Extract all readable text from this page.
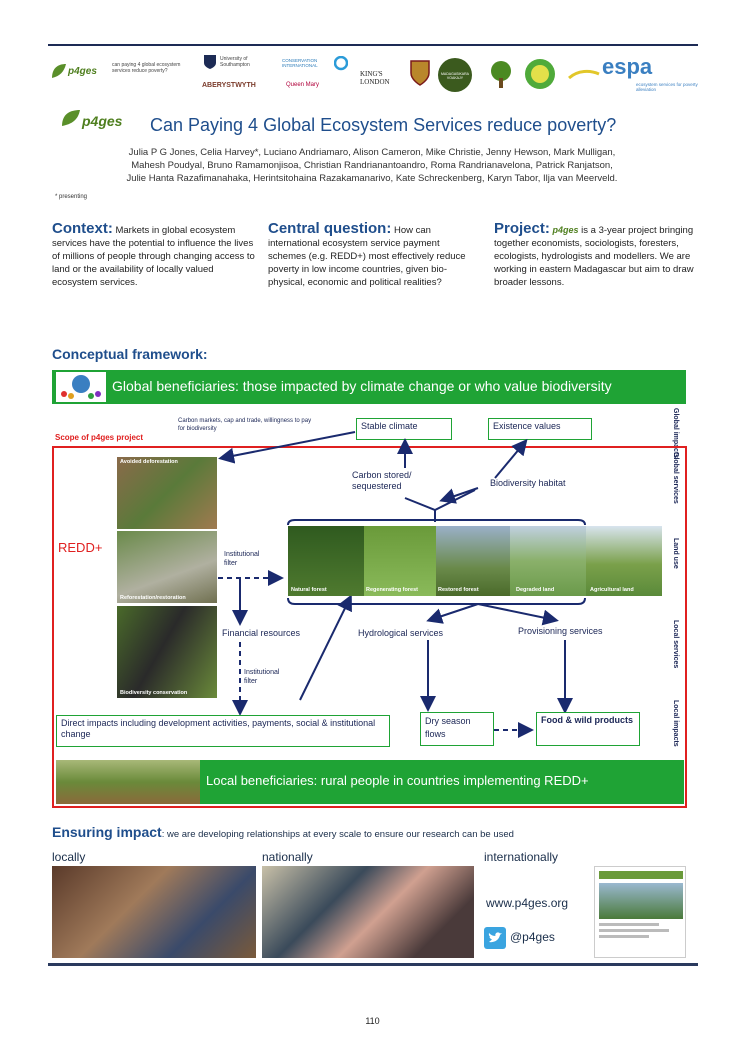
p4ges
can paying 4 global ecosystem services reduce poverty?
University of Southampton
ABERYSTWYTH
CONSERVATION INTERNATIONAL
Queen Mary
KING'S LONDON
MADAGASIKARA VOAKAJY	espa
ecosystem services for poverty alleviation
p4ges Can Paying 4 Global Ecosystem Services reduce poverty?
Julia P G Jones, Celia Harvey*, Luciano Andriamaro, Alison Cameron, Mike Christie, Jenny Hewson, Mark Mulligan,
Mahesh Poudyal, Bruno Ramamonjisoa, Christian Randrianantoandro, Roma Randrianavelona, Patrick Ranjatson,
Julie Hanta Razafimanahaka, Herintsitohaina Razakamanarivo, Kate Schreckenberg, Karyn Tabor, Ilja van Meerveld.
* presenting
Context: Markets in global ecosystem services have the potential to influence the lives of millions of people through changing access to land or the availability of locally valued ecosystem services.
Central question: How can international ecosystem service payment schemes (e.g. REDD+) most effectively reduce poverty in low income countries, given bio-physical, economic and political realities?
Project: p4ges is a 3-year project bringing together economists, sociologists, foresters, ecologists, hydrologists and modellers. We are working in eastern Madagascar but aim to draw broader lessons.
Conceptual framework:
Global beneficiaries: those impacted by climate change or who value biodiversity
Global impacts
Global services
Land use
Local services
Local impacts
Carbon markets, cap and trade, willingness to pay for biodiversity
Scope of p4ges project
Stable climate	Existence values
Carbon stored/ sequestered	Biodiversity habitat
REDD+
Avoided deforestation
Reforestation/restoration
Biodiversity conservation
Institutional filter
Financial resources
Institutional filter
Natural forest	Regenerating forest	Restored forest	Degraded land	Agricultural land
Hydrological services	Provisioning services
Direct impacts including development activities, payments, social & institutional change
Dry season flows
Food & wild products
Local beneficiaries: rural people in countries implementing REDD+
Ensuring impact: we are developing relationships at every scale to ensure our research can be used
locally	nationally	internationally
www.p4ges.org
@p4ges
110
